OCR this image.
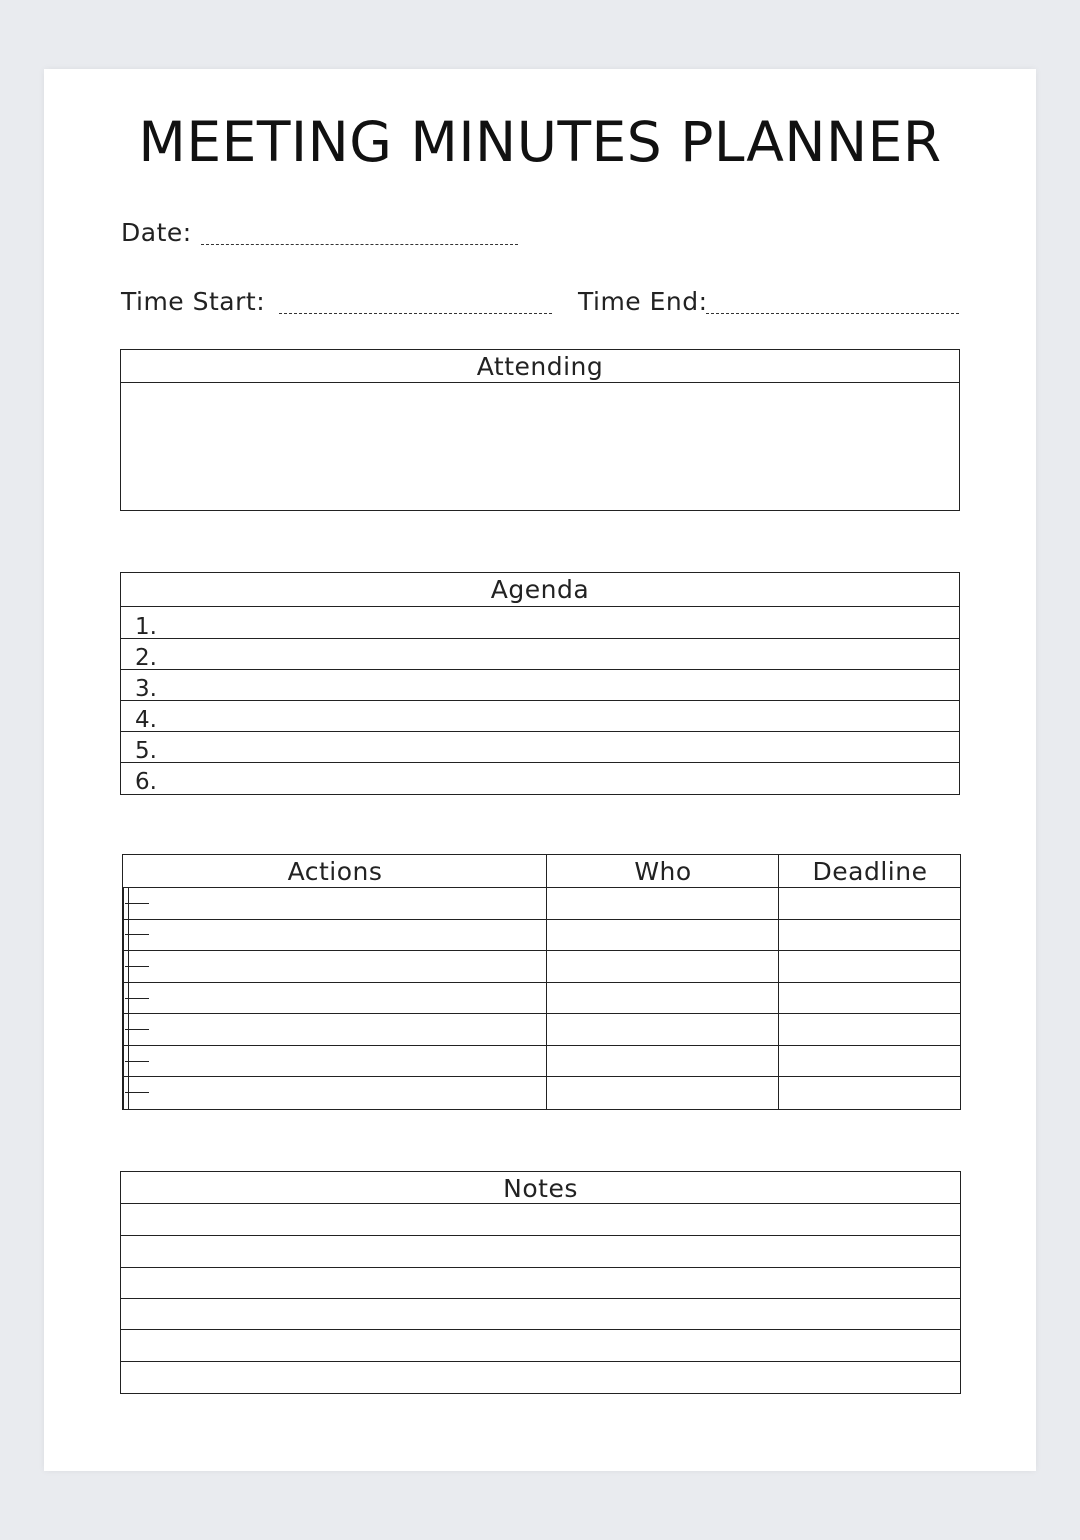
MEETING MINUTES PLANNER
Date:
Time Start:	Time End:
Attending
Agenda
1.
2.
3.
4.
5.
6.
Actions	Who	Deadline
Notes
